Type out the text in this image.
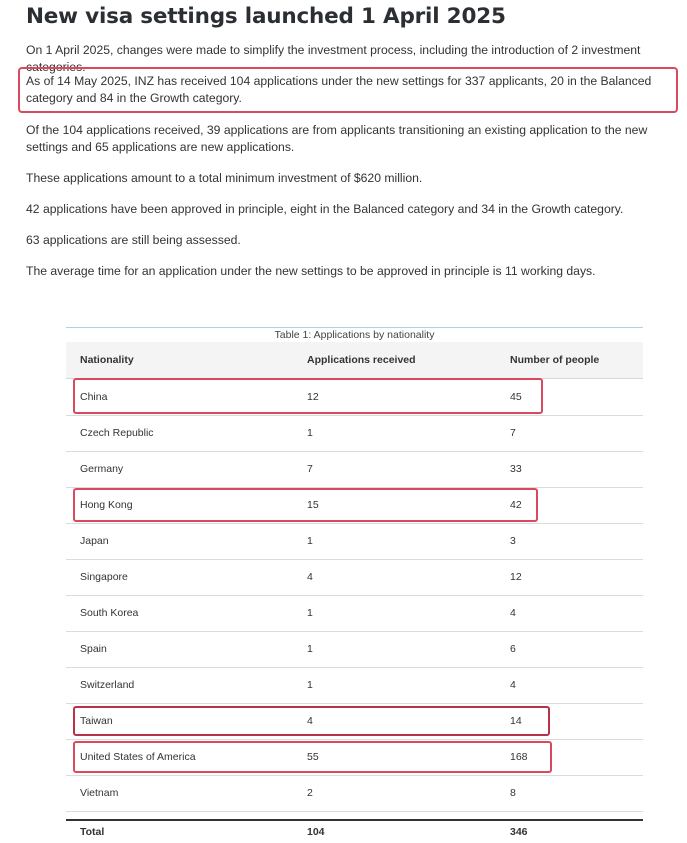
New visa settings launched 1 April 2025

On 1 April 2025, changes were made to simplify the investment process, including the introduction of 2 investment categories.

As of 14 May 2025, INZ has received 104 applications under the new settings for 337 applicants, 20 in the Balanced category and 84 in the Growth category.

Of the 104 applications received, 39 applications are from applicants transitioning an existing application to the new settings and 65 applications are new applications.

These applications amount to a total minimum investment of $620 million.

42 applications have been approved in principle, eight in the Balanced category and 34 in the Growth category.

63 applications are still being assessed.

The average time for an application under the new settings to be approved in principle is 11 working days.

Table 1: Applications by nationality
Nationality	Applications received	Number of people
China	12	45
Czech Republic	1	7
Germany	7	33
Hong Kong	15	42
Japan	1	3
Singapore	4	12
South Korea	1	4
Spain	1	6
Switzerland	1	4
Taiwan	4	14
United States of America	55	168
Vietnam	2	8
Total	104	346
